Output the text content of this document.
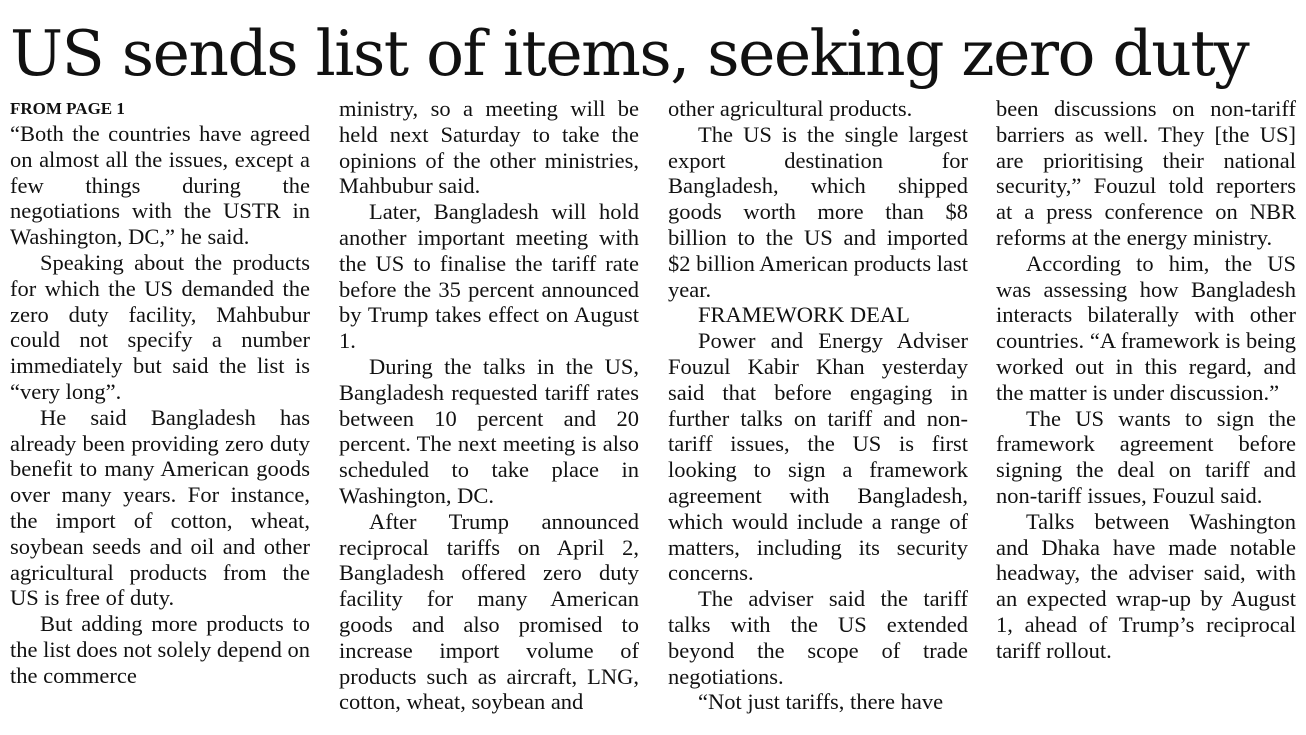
US sends list of items, seeking zero duty
FROM PAGE 1

“Both the countries have agreed on almost all the issues, except a few things during the negotiations with the USTR in Washington, DC,” he said.

Speaking about the products for which the US demanded the zero duty facility, Mahbubur could not specify a number immediately but said the list is “very long”.

He said Bangladesh has already been providing zero duty benefit to many American goods over many years. For instance, the import of cotton, wheat, soybean seeds and oil and other agricultural products from the US is free of duty.

But adding more products to the list does not solely depend on the commerce

ministry, so a meeting will be held next Saturday to take the opinions of the other ministries, Mahbubur said.

Later, Bangladesh will hold another important meeting with the US to finalise the tariff rate before the 35 percent announced by Trump takes effect on August 1.

During the talks in the US, Bangladesh requested tariff rates between 10 percent and 20 percent. The next meeting is also scheduled to take place in Washington, DC.

After Trump announced reciprocal tariffs on April 2, Bangladesh offered zero duty facility for many American goods and also promised to increase import volume of products such as aircraft, LNG, cotton, wheat, soybean and

other agricultural products.

The US is the single largest export destination for Bangladesh, which shipped goods worth more than $8 billion to the US and imported $2 billion American products last year.

FRAMEWORK DEAL

Power and Energy Adviser Fouzul Kabir Khan yesterday said that before engaging in further talks on tariff and non-tariff issues, the US is first looking to sign a framework agreement with Bangladesh, which would include a range of matters, including its security concerns.

The adviser said the tariff talks with the US extended beyond the scope of trade negotiations.

“Not just tariffs, there have

been discussions on non-tariff barriers as well. They [the US] are prioritising their national security,” Fouzul told reporters at a press conference on NBR reforms at the energy ministry.

According to him, the US was assessing how Bangladesh interacts bilaterally with other countries. “A framework is being worked out in this regard, and the matter is under discussion.”

The US wants to sign the framework agreement before signing the deal on tariff and non-tariff issues, Fouzul said.

Talks between Washington and Dhaka have made notable headway, the adviser said, with an expected wrap-up by August 1, ahead of Trump’s reciprocal tariff rollout.
